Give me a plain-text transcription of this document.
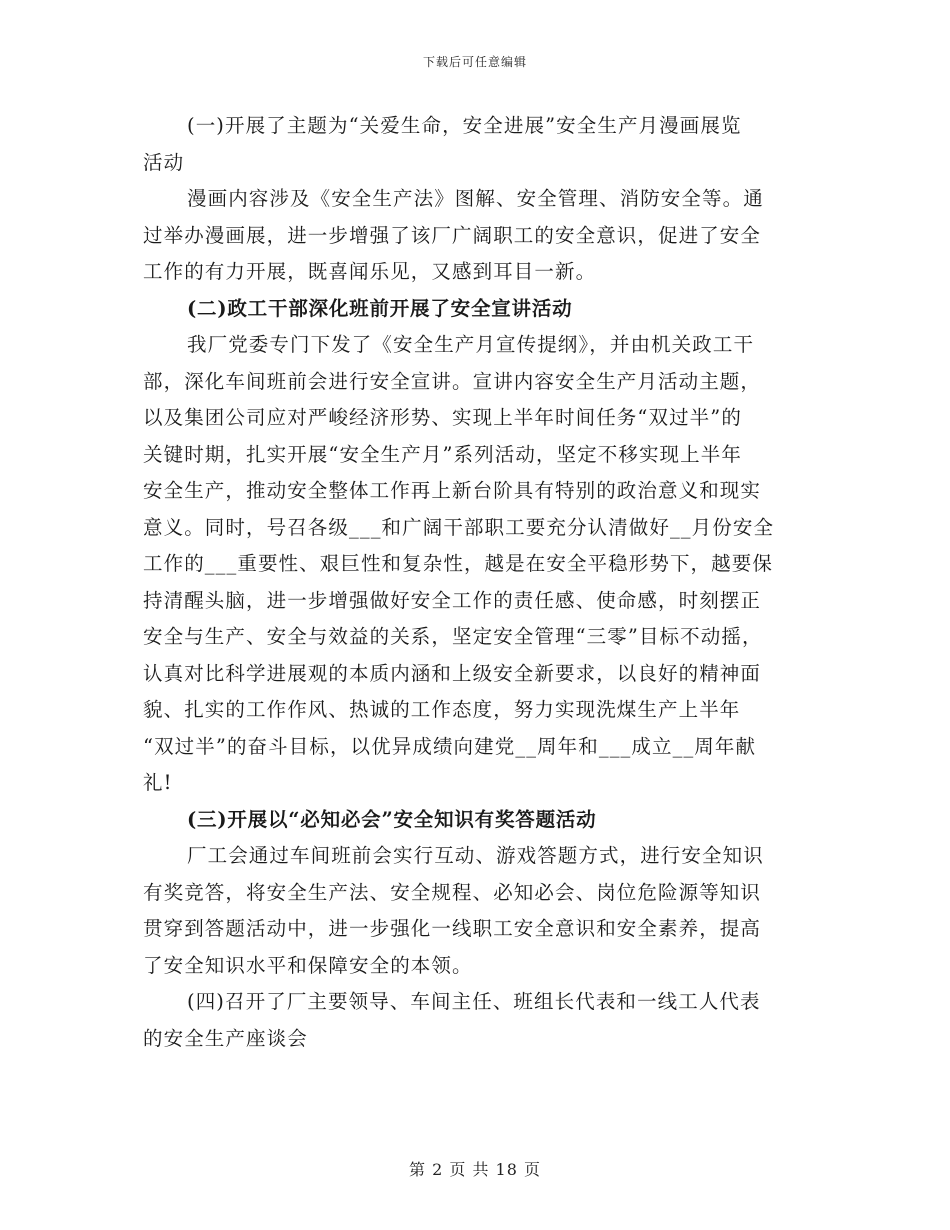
下载后可任意编辑
(一)开展了主题为“关爱生命，安全进展”安全生产月漫画展览
活动
漫画内容涉及《安全生产法》图解、安全管理、消防安全等。通
过举办漫画展，进一步增强了该厂广阔职工的安全意识，促进了安全
工作的有力开展，既喜闻乐见，又感到耳目一新。
(二)政工干部深化班前开展了安全宣讲活动
我厂党委专门下发了《安全生产月宣传提纲》，并由机关政工干
部，深化车间班前会进行安全宣讲。宣讲内容安全生产月活动主题，
以及集团公司应对严峻经济形势、实现上半年时间任务“双过半”的
关键时期，扎实开展“安全生产月”系列活动，坚定不移实现上半年
安全生产，推动安全整体工作再上新台阶具有特别的政治意义和现实
意义。同时，号召各级___和广阔干部职工要充分认清做好__月份安全
工作的___重要性、艰巨性和复杂性，越是在安全平稳形势下，越要保
持清醒头脑，进一步增强做好安全工作的责任感、使命感，时刻摆正
安全与生产、安全与效益的关系，坚定安全管理“三零”目标不动摇，
认真对比科学进展观的本质内涵和上级安全新要求，以良好的精神面
貌、扎实的工作作风、热诚的工作态度，努力实现洗煤生产上半年
“双过半”的奋斗目标，以优异成绩向建党__周年和___成立__周年献
礼!
(三)开展以“必知必会”安全知识有奖答题活动
厂工会通过车间班前会实行互动、游戏答题方式，进行安全知识
有奖竞答，将安全生产法、安全规程、必知必会、岗位危险源等知识
贯穿到答题活动中，进一步强化一线职工安全意识和安全素养，提高
了安全知识水平和保障安全的本领。
(四)召开了厂主要领导、车间主任、班组长代表和一线工人代表
的安全生产座谈会
第 2 页 共 18 页
